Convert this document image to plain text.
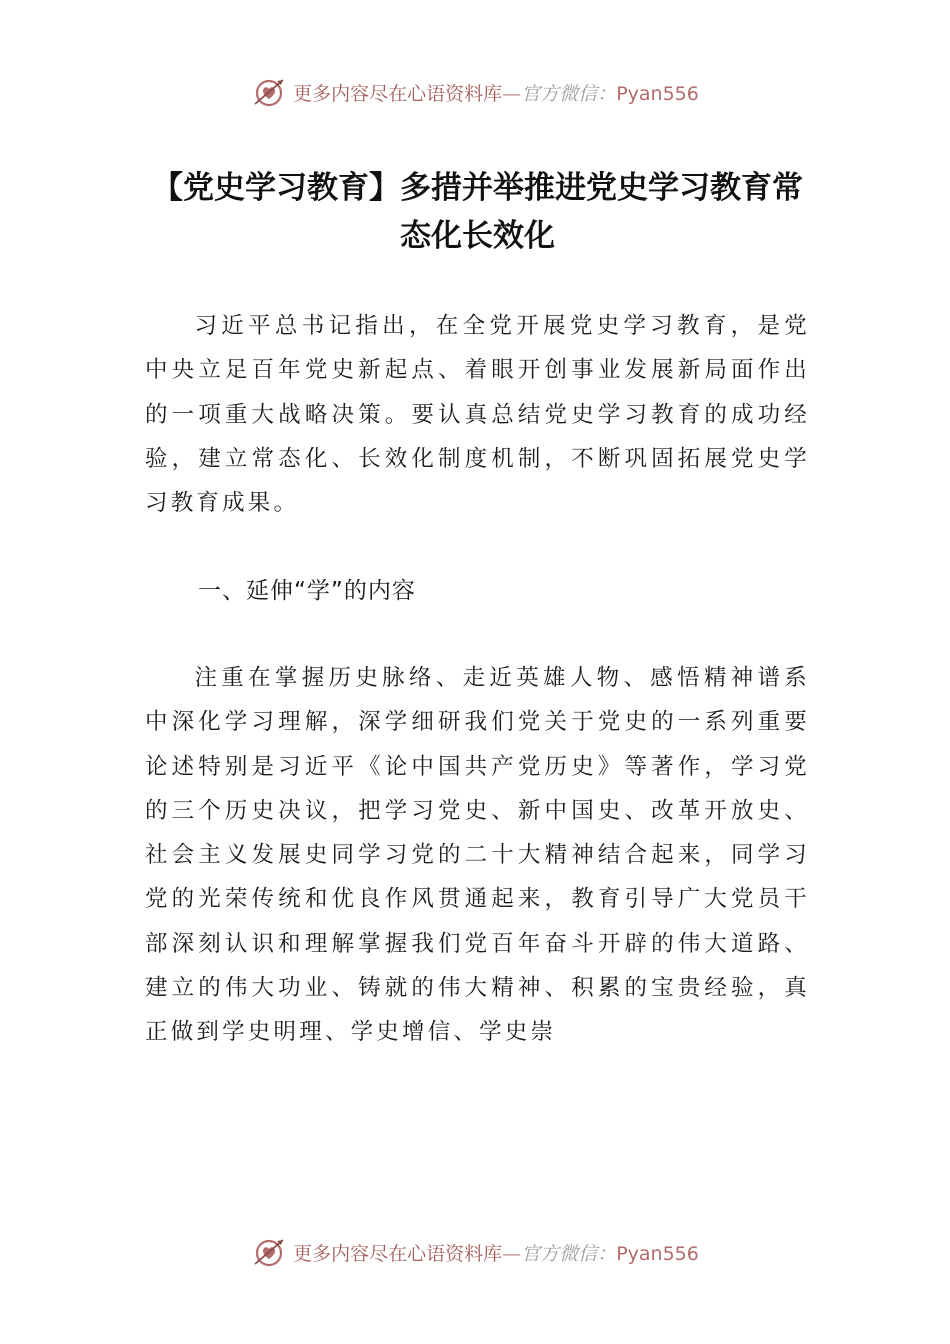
更多内容尽在心语资料库—官方微信：Pyan556
【党史学习教育】多措并举推进党史学习教育常态化长效化
习近平总书记指出，在全党开展党史学习教育，是党中央立足百年党史新起点、着眼开创事业发展新局面作出的一项重大战略决策。要认真总结党史学习教育的成功经验，建立常态化、长效化制度机制，不断巩固拓展党史学习教育成果。
一、延伸“学”的内容
注重在掌握历史脉络、走近英雄人物、感悟精神谱系中深化学习理解，深学细研我们党关于党史的一系列重要论述特别是习近平《论中国共产党历史》等著作，学习党的三个历史决议，把学习党史、新中国史、改革开放史、社会主义发展史同学习党的二十大精神结合起来，同学习党的光荣传统和优良作风贯通起来，教育引导广大党员干部深刻认识和理解掌握我们党百年奋斗开辟的伟大道路、建立的伟大功业、铸就的伟大精神、积累的宝贵经验，真正做到学史明理、学史增信、学史崇
更多内容尽在心语资料库—官方微信：Pyan556
